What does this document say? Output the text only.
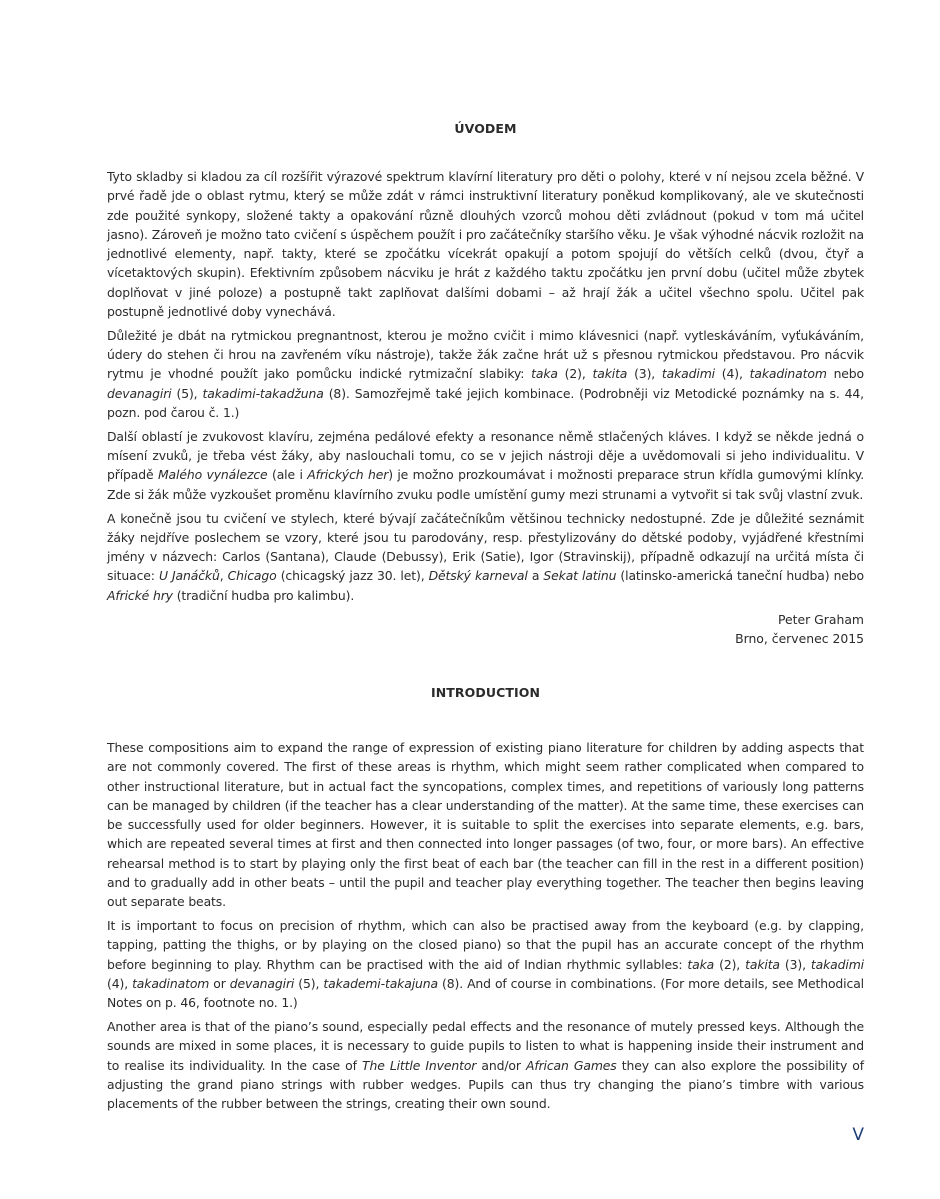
ÚVODEM

Tyto skladby si kladou za cíl rozšířit výrazové spektrum klavírní literatury pro děti o polohy, které v ní nejsou zcela běžné. V prvé řadě jde o oblast rytmu, který se může zdát v rámci instruktivní literatury poněkud komplikovaný, ale ve skutečnosti zde použité synkopy, složené takty a opakování různě dlouhých vzorců mohou děti zvládnout (pokud v tom má učitel jasno). Zároveň je možno tato cvičení s úspěchem použít i pro začátečníky staršího věku. Je však výhodné nácvik rozložit na jednotlivé elementy, např. takty, které se zpočátku vícekrát opakují a potom spojují do větších celků (dvou, čtyř a vícetaktových skupin). Efektivním způsobem nácviku je hrát z každého taktu zpočátku jen první dobu (učitel může zbytek doplňovat v jiné poloze) a postupně takt zaplňovat dalšími dobami – až hrají žák a učitel všechno spolu. Učitel pak postupně jednotlivé doby vynechává.

Důležité je dbát na rytmickou pregnantnost, kterou je možno cvičit i mimo klávesnici (např. vytleskáváním, vyťukáváním, údery do stehen či hrou na zavřeném víku nástroje), takže žák začne hrát už s přesnou rytmickou představou. Pro nácvik rytmu je vhodné použít jako pomůcku indické rytmizační slabiky: taka (2), takita (3), takadimi (4), takadinatom nebo devanagiri (5), takadimi-takadžuna (8). Samozřejmě také jejich kombinace. (Podrobněji viz Metodické poznámky na s. 44, pozn. pod čarou č. 1.)

Další oblastí je zvukovost klavíru, zejména pedálové efekty a resonance němě stlačených kláves. I když se někde jedná o mísení zvuků, je třeba vést žáky, aby naslouchali tomu, co se v jejich nástroji děje a uvědomovali si jeho individualitu. V případě Malého vynálezce (ale i Afrických her) je možno prozkoumávat i možnosti preparace strun křídla gumovými klínky. Zde si žák může vyzkoušet proměnu klavírního zvuku podle umístění gumy mezi strunami a vytvořit si tak svůj vlastní zvuk.

A konečně jsou tu cvičení ve stylech, které bývají začátečníkům většinou technicky nedostupné. Zde je důležité seznámit žáky nejdříve poslechem se vzory, které jsou tu parodovány, resp. přestylizovány do dětské podoby, vyjádřené křestními jmény v názvech: Carlos (Santana), Claude (Debussy), Erik (Satie), Igor (Stravinskij), případně odkazují na určitá místa či situace: U Janáčků, Chicago (chicagský jazz 30. let), Dětský karneval a Sekat latinu (latinsko-americká taneční hudba) nebo Africké hry (tradiční hudba pro kalimbu).

Peter Graham
Brno, červenec 2015
INTRODUCTION

These compositions aim to expand the range of expression of existing piano literature for children by adding aspects that are not commonly covered. The first of these areas is rhythm, which might seem rather complicated when compared to other instructional literature, but in actual fact the syncopations, complex times, and repetitions of variously long patterns can be managed by children (if the teacher has a clear understanding of the matter). At the same time, these exercises can be successfully used for older beginners. However, it is suitable to split the exercises into separate elements, e.g. bars, which are repeated several times at first and then connected into longer passages (of two, four, or more bars). An effective rehearsal method is to start by playing only the first beat of each bar (the teacher can fill in the rest in a different position) and to gradually add in other beats – until the pupil and teacher play everything together. The teacher then begins leaving out separate beats.

It is important to focus on precision of rhythm, which can also be practised away from the keyboard (e.g. by clapping, tapping, patting the thighs, or by playing on the closed piano) so that the pupil has an accurate concept of the rhythm before beginning to play. Rhythm can be practised with the aid of Indian rhythmic syllables: taka (2), takita (3), takadimi (4), takadinatom or devanagiri (5), takademi-takajuna (8). And of course in combinations. (For more details, see Methodical Notes on p. 46, footnote no. 1.)

Another area is that of the piano’s sound, especially pedal effects and the resonance of mutely pressed keys. Although the sounds are mixed in some places, it is necessary to guide pupils to listen to what is happening inside their instrument and to realise its individuality. In the case of The Little Inventor and/or African Games they can also explore the possibility of adjusting the grand piano strings with rubber wedges. Pupils can thus try changing the piano’s timbre with various placements of the rubber between the strings, creating their own sound.

V
